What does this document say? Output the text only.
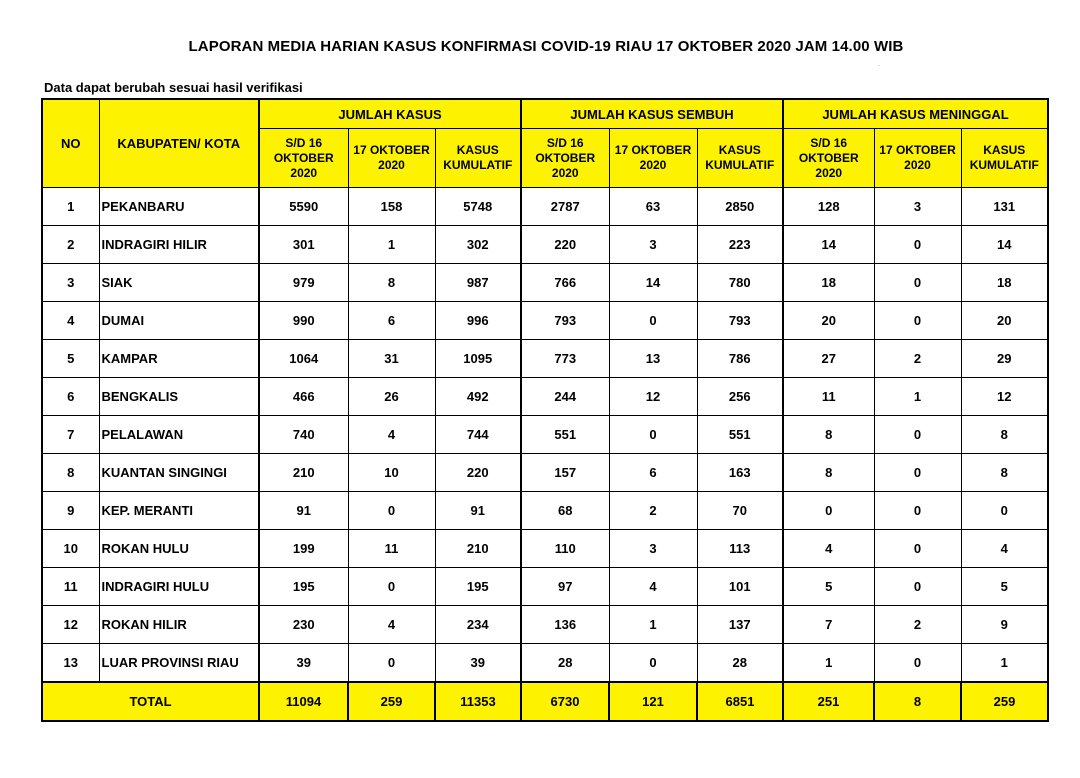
LAPORAN MEDIA HARIAN KASUS KONFIRMASI COVID-19 RIAU 17 OKTOBER 2020 JAM 14.00 WIB
˙
Data dapat berubah sesuai hasil verifikasi
NO	KABUPATEN/ KOTA	JUMLAH KASUS			JUMLAH KASUS SEMBUH			JUMLAH KASUS MENINGGAL		
		S/D 16 OKTOBER 2020	17 OKTOBER 2020	KASUS KUMULATIF	S/D 16 OKTOBER 2020	17 OKTOBER 2020	KASUS KUMULATIF	S/D 16 OKTOBER 2020	17 OKTOBER 2020	KASUS KUMULATIF
1	PEKANBARU	5590	158	5748	2787	63	2850	128	3	131
2	INDRAGIRI HILIR	301	1	302	220	3	223	14	0	14
3	SIAK	979	8	987	766	14	780	18	0	18
4	DUMAI	990	6	996	793	0	793	20	0	20
5	KAMPAR	1064	31	1095	773	13	786	27	2	29
6	BENGKALIS	466	26	492	244	12	256	11	1	12
7	PELALAWAN	740	4	744	551	0	551	8	0	8
8	KUANTAN SINGINGI	210	10	220	157	6	163	8	0	8
9	KEP. MERANTI	91	0	91	68	2	70	0	0	0
10	ROKAN HULU	199	11	210	110	3	113	4	0	4
11	INDRAGIRI HULU	195	0	195	97	4	101	5	0	5
12	ROKAN HILIR	230	4	234	136	1	137	7	2	9
13	LUAR PROVINSI RIAU	39	0	39	28	0	28	1	0	1
TOTAL		11094	259	11353	6730	121	6851	251	8	259
